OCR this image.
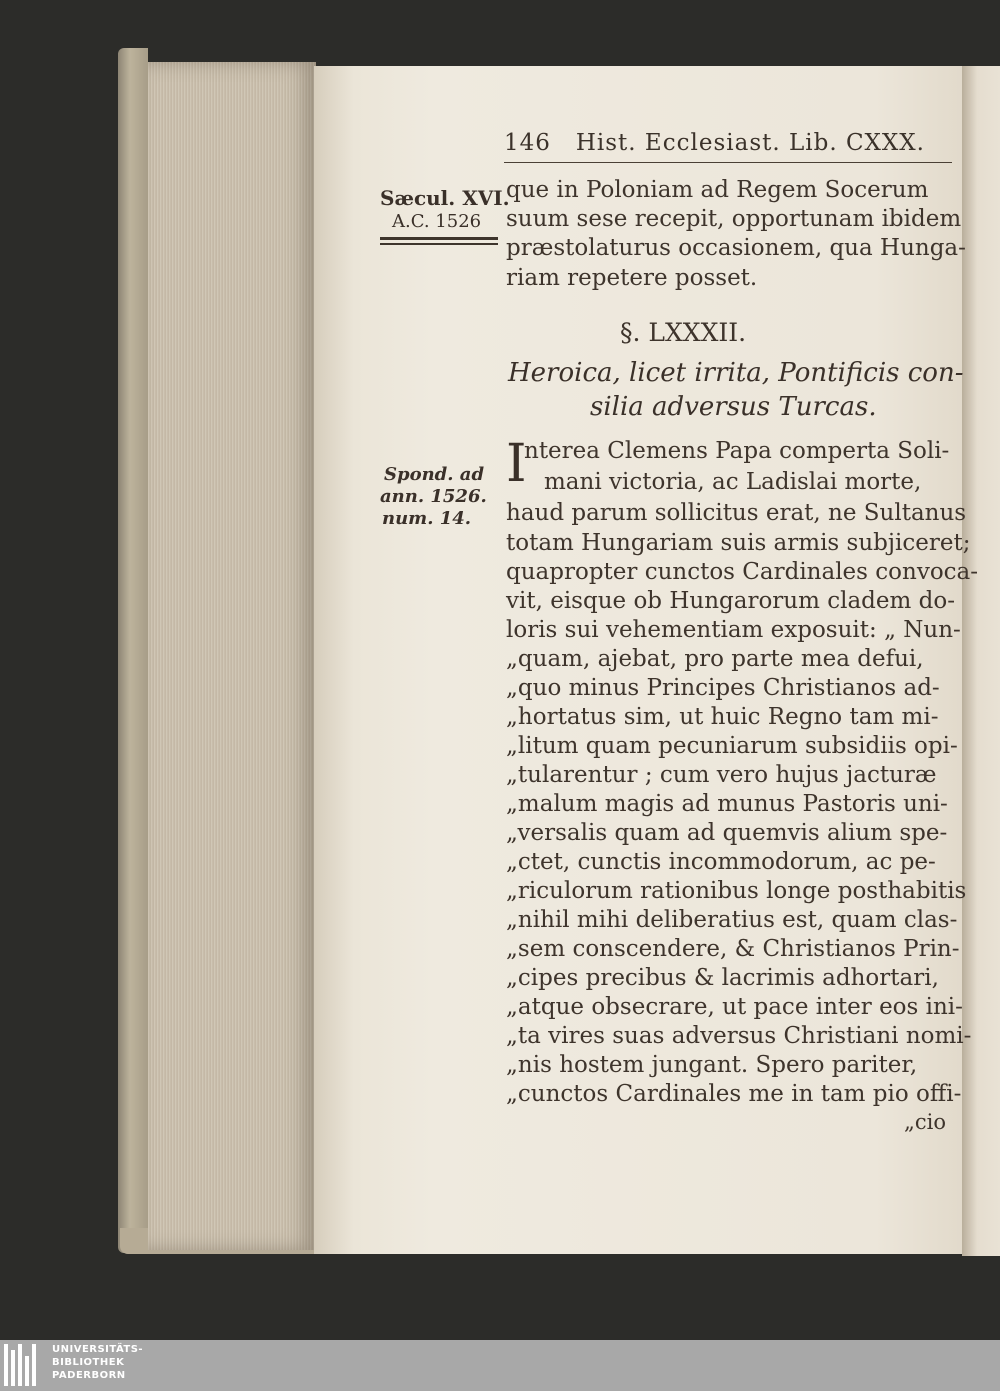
146 Hist. Ecclesiast. Lib. CXXX.
Sæcul. XVI.
A.C. 1526
Spond. ad
ann. 1526.
num. 14.
que in Poloniam ad Regem Socerum
suum sese recepit, opportunam ibidem
præstolaturus occasionem, qua Hunga-
riam repetere posset.
§. LXXXII.
Heroica, licet irrita, Pontificis con-
silia adversus Turcas.
I
nterea Clemens Papa comperta Soli-
mani victoria, ac Ladislai morte,
haud parum sollicitus erat, ne Sultanus
totam Hungariam suis armis subjiceret;
quapropter cunctos Cardinales convoca-
vit, eisque ob Hungarorum cladem do-
loris sui vehementiam exposuit: „ Nun-
„quam, ajebat, pro parte mea defui,
„quo minus Principes Christianos ad-
„hortatus sim, ut huic Regno tam mi-
„litum quam pecuniarum subsidiis opi-
„tularentur ; cum vero hujus jacturæ
„malum magis ad munus Pastoris uni-
„versalis quam ad quemvis alium spe-
„ctet, cunctis incommodorum, ac pe-
„riculorum rationibus longe posthabitis
„nihil mihi deliberatius est, quam clas-
„sem conscendere, & Christianos Prin-
„cipes precibus & lacrimis adhortari,
„atque obsecrare, ut pace inter eos ini-
„ta vires suas adversus Christiani nomi-
„nis hostem jungant. Spero pariter,
„cunctos Cardinales me in tam pio offi-
„cio
UNIVERSITÄTS-
BIBLIOTHEK
PADERBORN
